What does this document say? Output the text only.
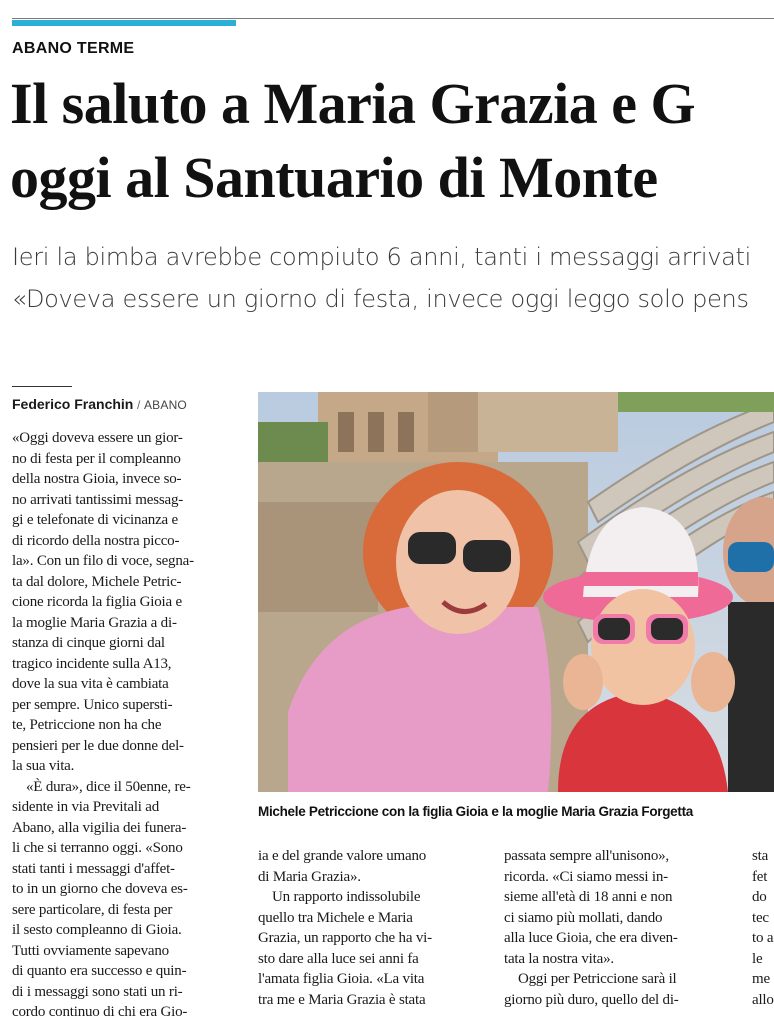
ABANO TERME
Il saluto a Maria Grazia e G
oggi al Santuario di Monte
Ieri la bimba avrebbe compiuto 6 anni, tanti i messaggi arrivati
«Doveva essere un giorno di festa, invece oggi leggo solo pens
Federico Franchin / ABANO
«Oggi doveva essere un gior-
no di festa per il compleanno
della nostra Gioia, invece so-
no arrivati tantissimi messag-
gi e telefonate di vicinanza e
di ricordo della nostra picco-
la». Con un filo di voce, segna-
ta dal dolore, Michele Petric-
cione ricorda la figlia Gioia e
la moglie Maria Grazia a di-
stanza di cinque giorni dal
tragico incidente sulla A13,
dove la sua vita è cambiata
per sempre. Unico supersti-
te, Petriccione non ha che
pensieri per le due donne del-
la sua vita.
«È dura», dice il 50enne, re-
sidente in via Previtali ad
Abano, alla vigilia dei funera-
li che si terranno oggi. «Sono
stati tanti i messaggi d'affet-
to in un giorno che doveva es-
sere particolare, di festa per
il sesto compleanno di Gioia.
Tutti ovviamente sapevano
di quanto era successo e quin-
di i messaggi sono stati un ri-
cordo continuo di chi era Gio-
Michele Petriccione con la figlia Gioia e la moglie Maria Grazia Forgetta
ia e del grande valore umano
di Maria Grazia».
Un rapporto indissolubile
quello tra Michele e Maria
Grazia, un rapporto che ha vi-
sto dare alla luce sei anni fa
l'amata figlia Gioia. «La vita
tra me e Maria Grazia è stata
passata sempre all'unisono»,
ricorda. «Ci siamo messi in-
sieme all'età di 18 anni e non
ci siamo più mollati, dando
alla luce Gioia, che era diven-
tata la nostra vita».
Oggi per Petriccione sarà il
giorno più duro, quello del di-
sta
fet
do
tec
to a
le
me
allo
